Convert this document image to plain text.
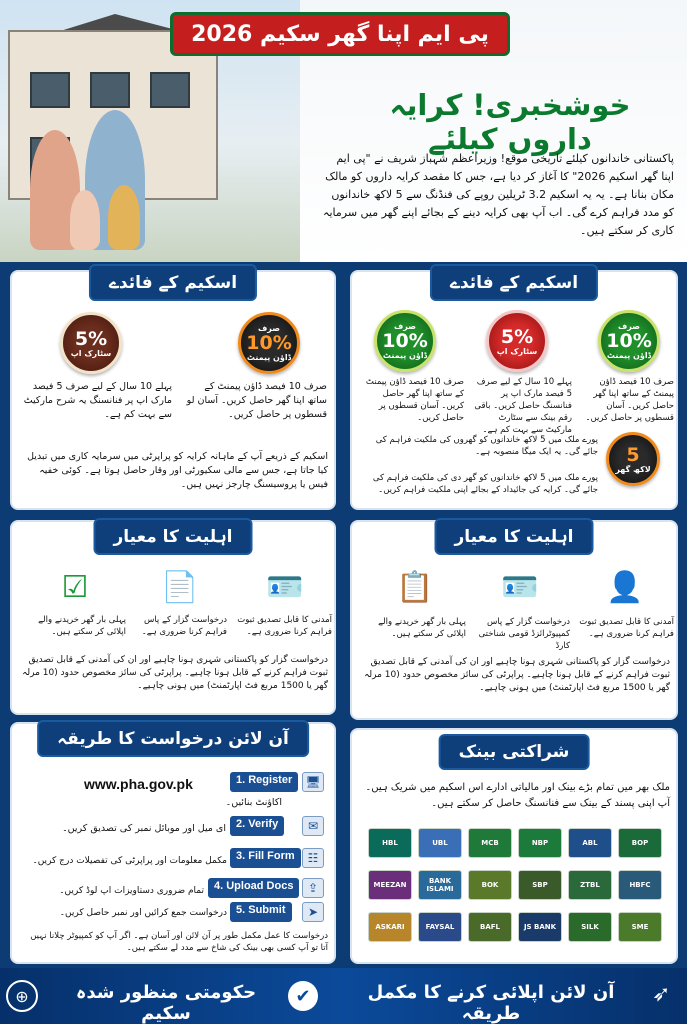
پی ایم اپنا گھر سکیم 2026
خوشخبری! کرایہ داروں کیلئے
پاکستانی خاندانوں کیلئے تاریخی موقع! وزیراعظم شہباز شریف نے "پی ایم اپنا گھر اسکیم 2026" کا آغاز کر دیا ہے، جس کا مقصد کرایہ داروں کو مالک مکان بنانا ہے۔ یہ یہ اسکیم 3.2 ٹریلین روپے کی فنڈنگ سے 5 لاکھ خاندانوں کو مدد فراہم کرے گی۔ اب آپ بھی کرایہ دینے کے بجائے اپنے گھر میں سرمایہ کاری کر سکتے ہیں۔
اسکیم کے فائدے
صرف
10%
ڈاؤن پیمنٹ
5%
سٹارک اپ
صرف 10 فیصد ڈاؤن پیمنٹ کے ساتھ اپنا گھر حاصل کریں۔ آسان لو قسطوں پر حاصل کریں۔
پہلے 10 سال کے لیے صرف 5 فیصد مارک اپ پر فنانسنگ یہ شرح مارکیٹ سے بہت کم ہے۔
اسکیم کے ذریعے آپ کے ماہانہ کرایہ کو پراپرٹی میں سرمایہ کاری میں تبدیل کیا جاتا ہے، جس سے مالی سکیورٹی اور وقار حاصل ہوتا ہے۔ کوئی خفیہ فیس یا پروسیسنگ چارجز نہیں ہیں۔
اسکیم کے فائدے
صرف
10%
ڈاؤن پیمنٹ
5%
سٹارک اپ
صرف
10%
ڈاؤن پیمنٹ
صرف 10 فیصد ڈاؤن پیمنٹ کے ساتھ اپنا گھر حاصل کریں۔ آسان قسطوں پر حاصل کریں۔
پہلے 10 سال کے لیے صرف 5 فیصد مارک اپ پر فنانسنگ حاصل کریں۔ باقی رقم بینک سے سٹارٹ مارکیٹ سے بہت کم ہے۔
صرف 10 فیصد ڈاؤن پیمنٹ کے ساتھ اپنا گھر حاصل کریں۔ آسان قسطوں پر حاصل کریں۔
5
لاکھ گھر
پورے ملک میں 5 لاکھ خاندانوں کو گھروں کی ملکیت فراہم کی جائے گی۔ یہ ایک میگا منصوبہ ہے۔
پورے ملک میں 5 لاکھ خاندانوں کو گھر دی کی ملکیت فراہم کی جائے گی۔ کرایہ کی جائیداد کے بجائے اپنی ملکیت فراہم کریں۔
اہلیت کا معیار
🪪
📄
☑
آمدنی کا قابل تصدیق ثبوت فراہم کرنا ضروری ہے۔
درخواست گزار کے پاس فراہم کرنا ضروری ہے۔
پہلی بار گھر خریدنے والے اپلائی کر سکتے ہیں۔
درخواست گزار کو پاکستانی شہری ہونا چاہیے اور ان کی آمدنی کے قابل تصدیق ثبوت فراہم کرنے کے قابل ہونا چاہیے۔ پراپرٹی کی سائز مخصوص حدود (10 مرلہ گھر یا 1500 مربع فٹ اپارٹمنٹ) میں ہونی چاہیے۔
اہلیت کا معیار
👤
🪪
📋
آمدنی کا قابل تصدیق ثبوت فراہم کرنا ضروری ہے۔
درخواست گزار کے پاس کمپیوٹرائزڈ قومی شناختی کارڈ
پہلی بار گھر خریدنے والے اپلائی کر سکتے ہیں۔
درخواست گزار کو پاکستانی شہری ہونا چاہیے اور ان کی آمدنی کے قابل تصدیق ثبوت فراہم کرنے کے قابل ہونا چاہیے۔ پراپرٹی کی سائز مخصوص حدود (10 مرلہ گھر یا 1500 مربع فٹ اپارٹمنٹ) میں ہونی چاہیے۔
آن لائن درخواست کا طریقہ
www.pha.gov.pk	1. Register	🖥
اکاؤنٹ بنائیں۔
2. Verify	✉
ای میل اور موبائل نمبر کی تصدیق کریں۔
3. Fill Form	☷
مکمل معلومات اور پراپرٹی کی تفصیلات درج کریں۔
4. Upload Docs	⇪
تمام ضروری دستاویزات اپ لوڈ کریں۔
5. Submit	➤
درخواست جمع کرائیں اور نمبر حاصل کریں۔
درخواست کا عمل مکمل طور پر آن لائن اور آسان ہے۔ اگر آپ کو کمپیوٹر چلانا نہیں آتا تو آپ کسی بھی بینک کی شاخ سے مدد لے سکتے ہیں۔
شراکتی بینک
ملک بھر میں تمام بڑے بینک اور مالیاتی ادارے اس اسکیم میں شریک ہیں۔ آپ اپنی پسند کے بینک سے فنانسنگ حاصل کر سکتے ہیں۔
HBL	UBL	MCB	NBP	ABL	BOP
MEEZAN	BANK ISLAMI	BOK	SBP	ZTBL	HBFC
ASKARI	FAYSAL	BAFL	JS BANK	SILK	SME
⊕	✔
حکومتی منظور شدہ سکیم
آن لائن اپلائی کرنے کا مکمل طریقہ
➶
